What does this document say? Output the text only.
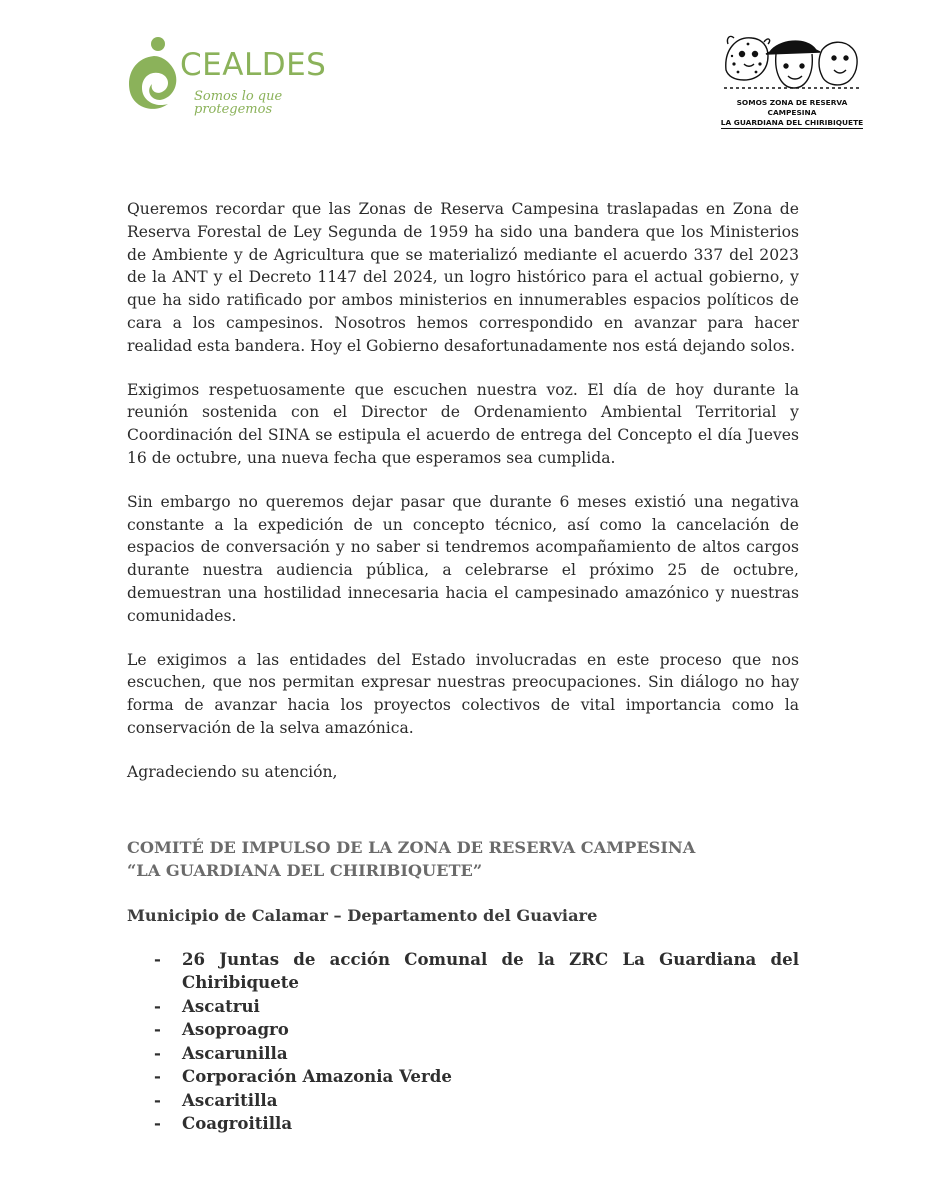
CEALDES
Somos lo que protegemos	SOMOS ZONA DE RESERVA CAMPESINA
LA GUARDIANA DEL CHIRIBIQUETE

Queremos recordar que las Zonas de Reserva Campesina traslapadas en Zona de Reserva Forestal de Ley Segunda de 1959 ha sido una bandera que los Ministerios de Ambiente y de Agricultura que se materializó mediante el acuerdo 337 del 2023 de la ANT y el Decreto 1147 del 2024, un logro histórico para el actual gobierno, y que ha sido ratificado por ambos ministerios en innumerables espacios políticos de cara a los campesinos. Nosotros hemos correspondido en avanzar para hacer realidad esta bandera. Hoy el Gobierno desafortunadamente nos está dejando solos.

Exigimos respetuosamente que escuchen nuestra voz. El día de hoy durante la reunión sostenida con el Director de Ordenamiento Ambiental Territorial y Coordinación del SINA se estipula el acuerdo de entrega del Concepto el día Jueves 16 de octubre, una nueva fecha que esperamos sea cumplida.

Sin embargo no queremos dejar pasar que durante 6 meses existió una negativa constante a la expedición de un concepto técnico, así como la cancelación de espacios de conversación y no saber si tendremos acompañamiento de altos cargos durante nuestra audiencia pública, a celebrarse el próximo 25 de octubre, demuestran una hostilidad innecesaria hacia el campesinado amazónico y nuestras comunidades.

Le exigimos a las entidades del Estado involucradas en este proceso que nos escuchen, que nos permitan expresar nuestras preocupaciones. Sin diálogo no hay forma de avanzar hacia los proyectos colectivos de vital importancia como la conservación de la selva amazónica.

Agradeciendo su atención,

COMITÉ DE IMPULSO DE LA ZONA DE RESERVA CAMPESINA
“LA GUARDIANA DEL CHIRIBIQUETE”
Municipio de Calamar – Departamento del Guaviare
- 26 Juntas de acción Comunal de la ZRC La Guardiana del Chiribiquete
- Ascatrui
- Asoproagro
- Ascarunilla
- Corporación Amazonia Verde
- Ascaritilla
- Coagroitilla
